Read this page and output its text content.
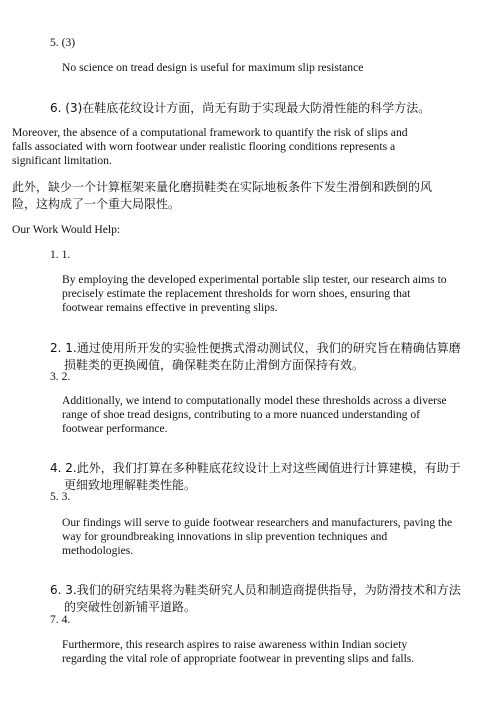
5. (3)
No science on tread design is useful for maximum slip resistance
6. (3)在鞋底花纹设计方面，尚无有助于实现最大防滑性能的科学方法。
Moreover, the absence of a computational framework to quantify the risk of slips and
falls associated with worn footwear under realistic flooring conditions represents a
significant limitation.
此外，缺少一个计算框架来量化磨损鞋类在实际地板条件下发生滑倒和跌倒的风
险，这构成了一个重大局限性。
Our Work Would Help:
1. 1.
By employing the developed experimental portable slip tester, our research aims to
precisely estimate the replacement thresholds for worn shoes, ensuring that
footwear remains effective in preventing slips.
2. 1.通过使用所开发的实验性便携式滑动测试仪，我们的研究旨在精确估算磨
损鞋类的更换阈值，确保鞋类在防止滑倒方面保持有效。
3. 2.
Additionally, we intend to computationally model these thresholds across a diverse
range of shoe tread designs, contributing to a more nuanced understanding of
footwear performance.
4. 2.此外，我们打算在多种鞋底花纹设计上对这些阈值进行计算建模，有助于
更细致地理解鞋类性能。
5. 3.
Our findings will serve to guide footwear researchers and manufacturers, paving the
way for groundbreaking innovations in slip prevention techniques and
methodologies.
6. 3.我们的研究结果将为鞋类研究人员和制造商提供指导，为防滑技术和方法
的突破性创新铺平道路。
7. 4.
Furthermore, this research aspires to raise awareness within Indian society
regarding the vital role of appropriate footwear in preventing slips and falls.
